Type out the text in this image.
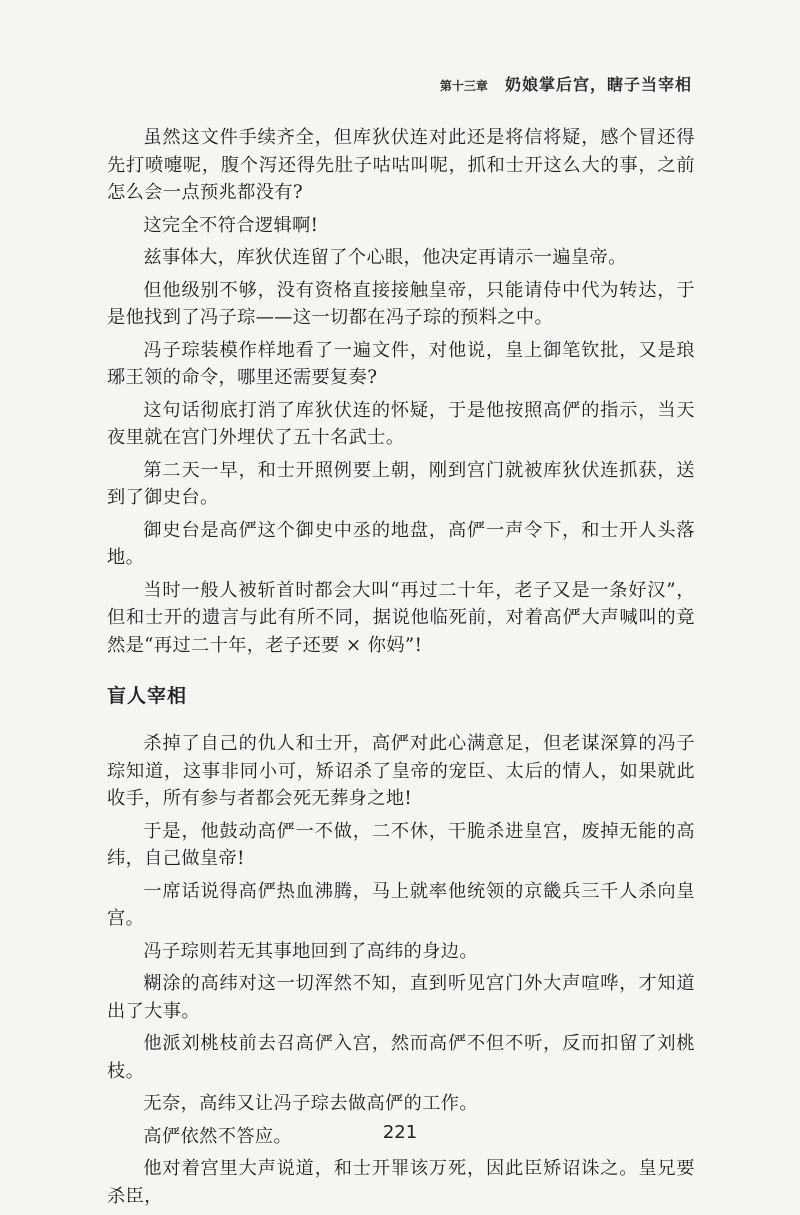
第十三章 奶娘掌后宫，瞎子当宰相

虽然这文件手续齐全，但库狄伏连对此还是将信将疑，感个冒还得先打喷嚏呢，腹个泻还得先肚子咕咕叫呢，抓和士开这么大的事，之前怎么会一点预兆都没有?

这完全不符合逻辑啊!

兹事体大，库狄伏连留了个心眼，他决定再请示一遍皇帝。

但他级别不够，没有资格直接接触皇帝，只能请侍中代为转达，于是他找到了冯子琮——这一切都在冯子琮的预料之中。

冯子琮装模作样地看了一遍文件，对他说，皇上御笔钦批，又是琅琊王领的命令，哪里还需要复奏?

这句话彻底打消了库狄伏连的怀疑，于是他按照高俨的指示，当天夜里就在宫门外埋伏了五十名武士。

第二天一早，和士开照例要上朝，刚到宫门就被库狄伏连抓获，送到了御史台。

御史台是高俨这个御史中丞的地盘，高俨一声令下，和士开人头落地。

当时一般人被斩首时都会大叫“再过二十年，老子又是一条好汉”，但和士开的遗言与此有所不同，据说他临死前，对着高俨大声喊叫的竟然是“再过二十年，老子还要 × 你妈”!

盲人宰相

杀掉了自己的仇人和士开，高俨对此心满意足，但老谋深算的冯子琮知道，这事非同小可，矫诏杀了皇帝的宠臣、太后的情人，如果就此收手，所有参与者都会死无葬身之地!

于是，他鼓动高俨一不做，二不休，干脆杀进皇宫，废掉无能的高纬，自己做皇帝!

一席话说得高俨热血沸腾，马上就率他统领的京畿兵三千人杀向皇宫。

冯子琮则若无其事地回到了高纬的身边。

糊涂的高纬对这一切浑然不知，直到听见宫门外大声喧哗，才知道出了大事。

他派刘桃枝前去召高俨入宫，然而高俨不但不听，反而扣留了刘桃枝。

无奈，高纬又让冯子琮去做高俨的工作。

高俨依然不答应。

他对着宫里大声说道，和士开罪该万死，因此臣矫诏诛之。皇兄要杀臣，

221
